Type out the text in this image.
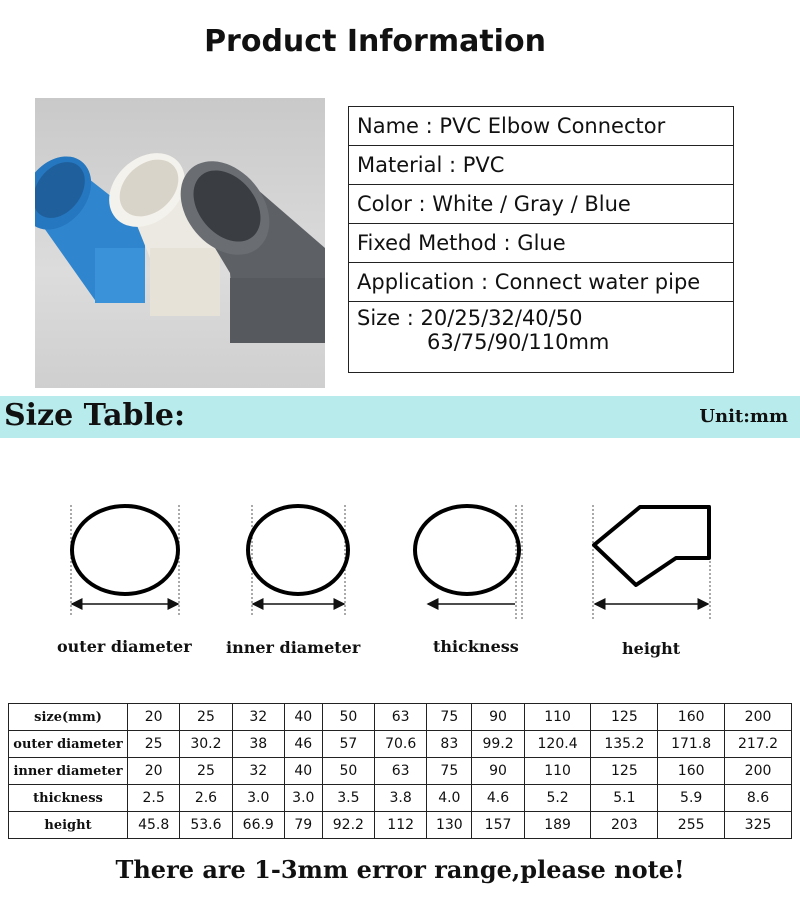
Product Information
Name : PVC Elbow Connector
Material : PVC
Color : White / Gray / Blue
Fixed Method : Glue
Application : Connect water pipe
Size : 20/25/32/40/50
63/75/90/110mm
Size Table:	Unit:mm
outer diameter inner diameter	thickness	height
size(mm)	20	25	32	40	50	63	75	90	110	125	160	200
outer diameter	25	30.2	38	46	57	70.6	83	99.2	120.4	135.2	171.8	217.2
inner diameter	20	25	32	40	50	63	75	90	110	125	160	200
thickness	2.5	2.6	3.0	3.0	3.5	3.8	4.0	4.6	5.2	5.1	5.9	8.6
height	45.8	53.6	66.9	79	92.2	112	130	157	189	203	255	325
There are 1-3mm error range,please note!
